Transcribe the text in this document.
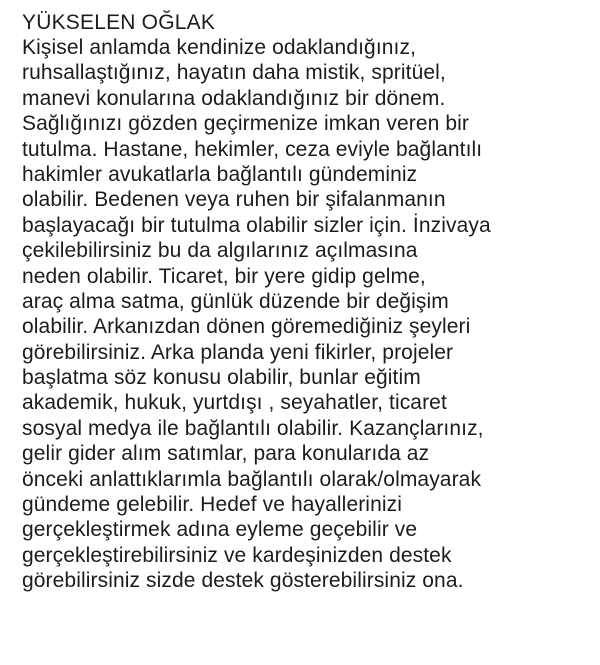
YÜKSELEN OĞLAK
Kişisel anlamda kendinize odaklandığınız,
ruhsallaştığınız, hayatın daha mistik, spritüel,
manevi konularına odaklandığınız bir dönem.
Sağlığınızı gözden geçirmenize imkan veren bir
tutulma. Hastane, hekimler, ceza eviyle bağlantılı
hakimler avukatlarla bağlantılı gündeminiz
olabilir. Bedenen veya ruhen bir şifalanmanın
başlayacağı bir tutulma olabilir sizler için. İnzivaya
çekilebilirsiniz bu da algılarınız açılmasına
neden olabilir. Ticaret, bir yere gidip gelme,
araç alma satma, günlük düzende bir değişim
olabilir. Arkanızdan dönen göremediğiniz şeyleri
görebilirsiniz. Arka planda yeni fikirler, projeler
başlatma söz konusu olabilir, bunlar eğitim
akademik, hukuk, yurtdışı , seyahatler, ticaret
sosyal medya ile bağlantılı olabilir. Kazançlarınız,
gelir gider alım satımlar, para konularıda az
önceki anlattıklarımla bağlantılı olarak/olmayarak
gündeme gelebilir. Hedef ve hayallerinizi
gerçekleştirmek adına eyleme geçebilir ve
gerçekleştirebilirsiniz ve kardeşinizden destek
görebilirsiniz sizde destek gösterebilirsiniz ona.
